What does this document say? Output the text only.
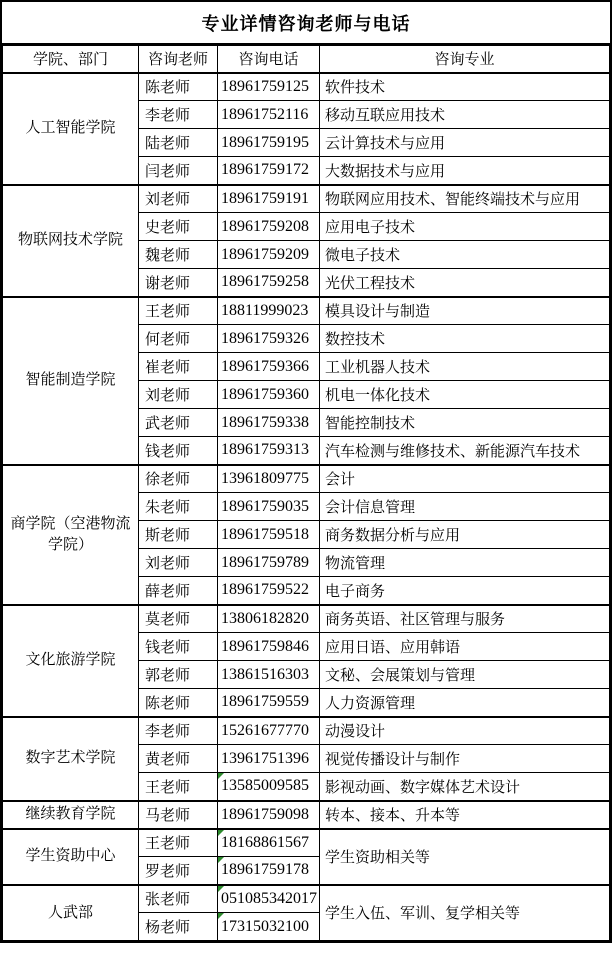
专业详情咨询老师与电话
学院、部门	咨询老师	咨询电话	咨询专业
人工智能学院	陈老师	18961759125	软件技术
	李老师	18961752116	移动互联应用技术
	陆老师	18961759195	云计算技术与应用
	闫老师	18961759172	大数据技术与应用
物联网技术学院	刘老师	18961759191	物联网应用技术、智能终端技术与应用
	史老师	18961759208	应用电子技术
	魏老师	18961759209	微电子技术
	谢老师	18961759258	光伏工程技术
智能制造学院	王老师	18811999023	模具设计与制造
	何老师	18961759326	数控技术
	崔老师	18961759366	工业机器人技术
	刘老师	18961759360	机电一体化技术
	武老师	18961759338	智能控制技术
	钱老师	18961759313	汽车检测与维修技术、新能源汽车技术
商学院（空港物流学院）	徐老师	13961809775	会计
	朱老师	18961759035	会计信息管理
	斯老师	18961759518	商务数据分析与应用
	刘老师	18961759789	物流管理
	薛老师	18961759522	电子商务
文化旅游学院	莫老师	13806182820	商务英语、社区管理与服务
	钱老师	18961759846	应用日语、应用韩语
	郭老师	13861516303	文秘、会展策划与管理
	陈老师	18961759559	人力资源管理
数字艺术学院	李老师	15261677770	动漫设计
	黄老师	13961751396	视觉传播设计与制作
	王老师	13585009585	影视动画、数字媒体艺术设计
继续教育学院	马老师	18961759098	转本、接本、升本等
学生资助中心	王老师	18168861567	学生资助相关等
	罗老师	18961759178	
人武部	张老师	051085342017	学生入伍、军训、复学相关等
	杨老师	17315032100	
